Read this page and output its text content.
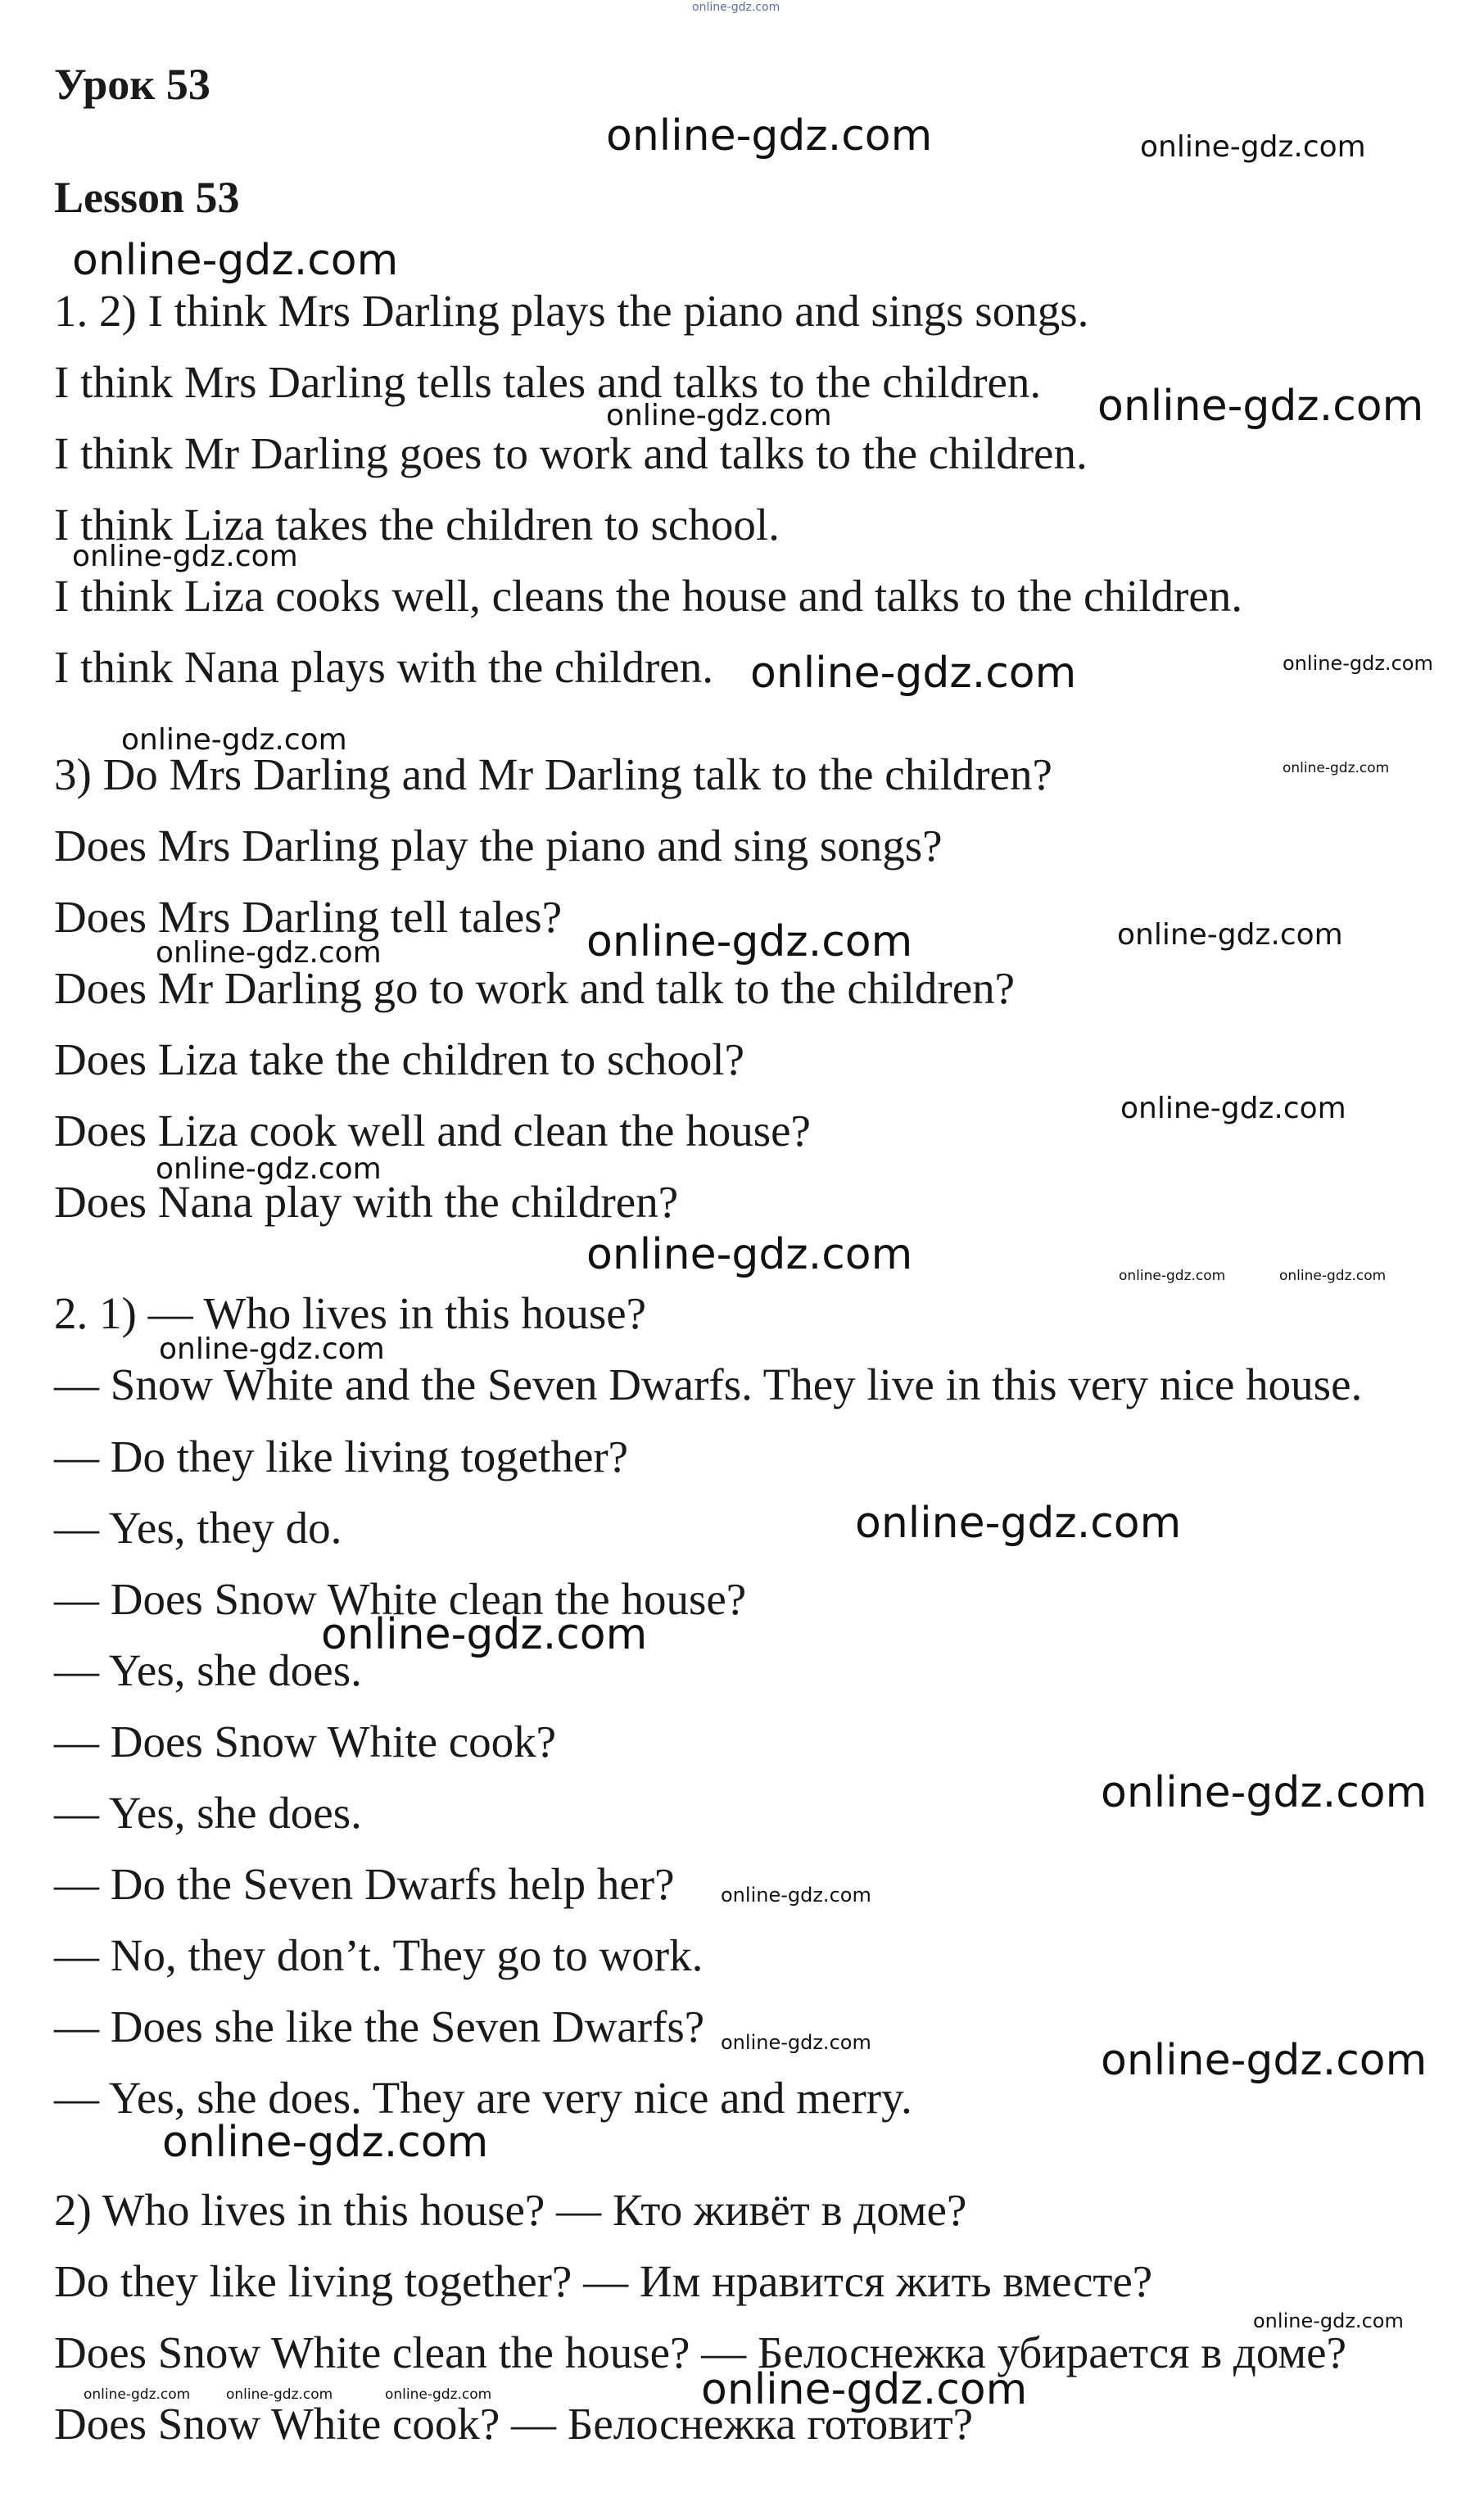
Урок 53
Lesson 53
1. 2) I think Mrs Darling plays the piano and sings songs.
I think Mrs Darling tells tales and talks to the children.
I think Mr Darling goes to work and talks to the children.
I think Liza takes the children to school.
I think Liza cooks well, cleans the house and talks to the children.
I think Nana plays with the children.
3) Do Mrs Darling and Mr Darling talk to the children?
Does Mrs Darling play the piano and sing songs?
Does Mrs Darling tell tales?
Does Mr Darling go to work and talk to the children?
Does Liza take the children to school?
Does Liza cook well and clean the house?
Does Nana play with the children?
2. 1) — Who lives in this house?
— Snow White and the Seven Dwarfs. They live in this very nice house.
— Do they like living together?
— Yes, they do.
— Does Snow White clean the house?
— Yes, she does.
— Does Snow White cook?
— Yes, she does.
— Do the Seven Dwarfs help her?
— No, they don’t. They go to work.
— Does she like the Seven Dwarfs?
— Yes, she does. They are very nice and merry.
2) Who lives in this house? — Кто живёт в доме?
Do they like living together? — Им нравится жить вместе?
Does Snow White clean the house? — Белоснежка убирается в доме?
Does Snow White cook? — Белоснежка готовит?
online-gdz.com
online-gdz.com	online-gdz.com
online-gdz.com
online-gdz.com	online-gdz.com
online-gdz.com
online-gdz.com	online-gdz.com
online-gdz.com
online-gdz.com
online-gdz.com
online-gdz.com
online-gdz.com
online-gdz.com
online-gdz.com
online-gdz.com	online-gdz.com	online-gdz.com
online-gdz.com
online-gdz.com
online-gdz.com
online-gdz.com
online-gdz.com
online-gdz.com	online-gdz.com
online-gdz.com
online-gdz.com
online-gdz.com
online-gdz.com	online-gdz.com	online-gdz.com
